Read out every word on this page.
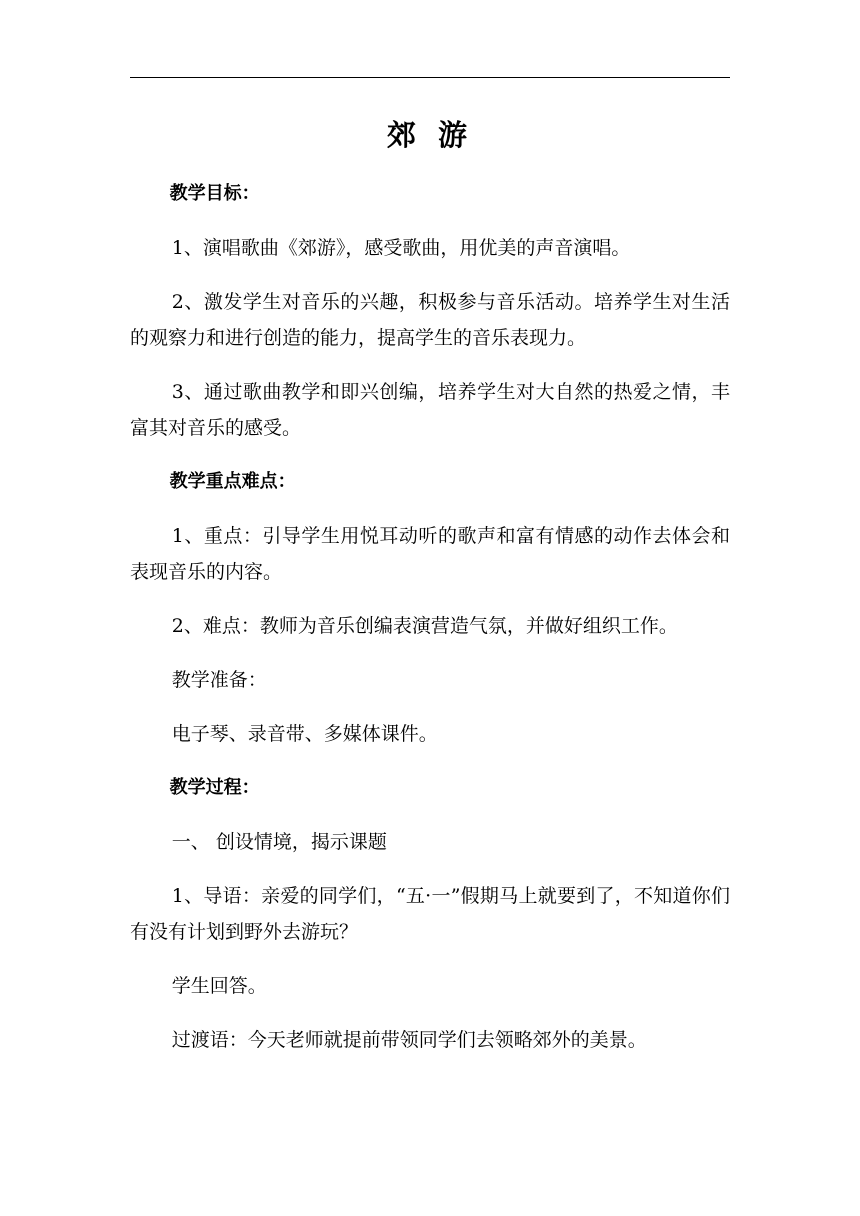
郊 游

教学目标：

1、演唱歌曲《郊游》，感受歌曲，用优美的声音演唱。

2、激发学生对音乐的兴趣，积极参与音乐活动。培养学生对生活的观察力和进行创造的能力，提高学生的音乐表现力。

3、通过歌曲教学和即兴创编，培养学生对大自然的热爱之情，丰富其对音乐的感受。

教学重点难点：

1、重点：引导学生用悦耳动听的歌声和富有情感的动作去体会和表现音乐的内容。

2、难点：教师为音乐创编表演营造气氛，并做好组织工作。

教学准备：

电子琴、录音带、多媒体课件。

教学过程：

一、 创设情境，揭示课题

1、导语：亲爱的同学们，“五·一”假期马上就要到了，不知道你们有没有计划到野外去游玩？

学生回答。

过渡语：今天老师就提前带领同学们去领略郊外的美景。
